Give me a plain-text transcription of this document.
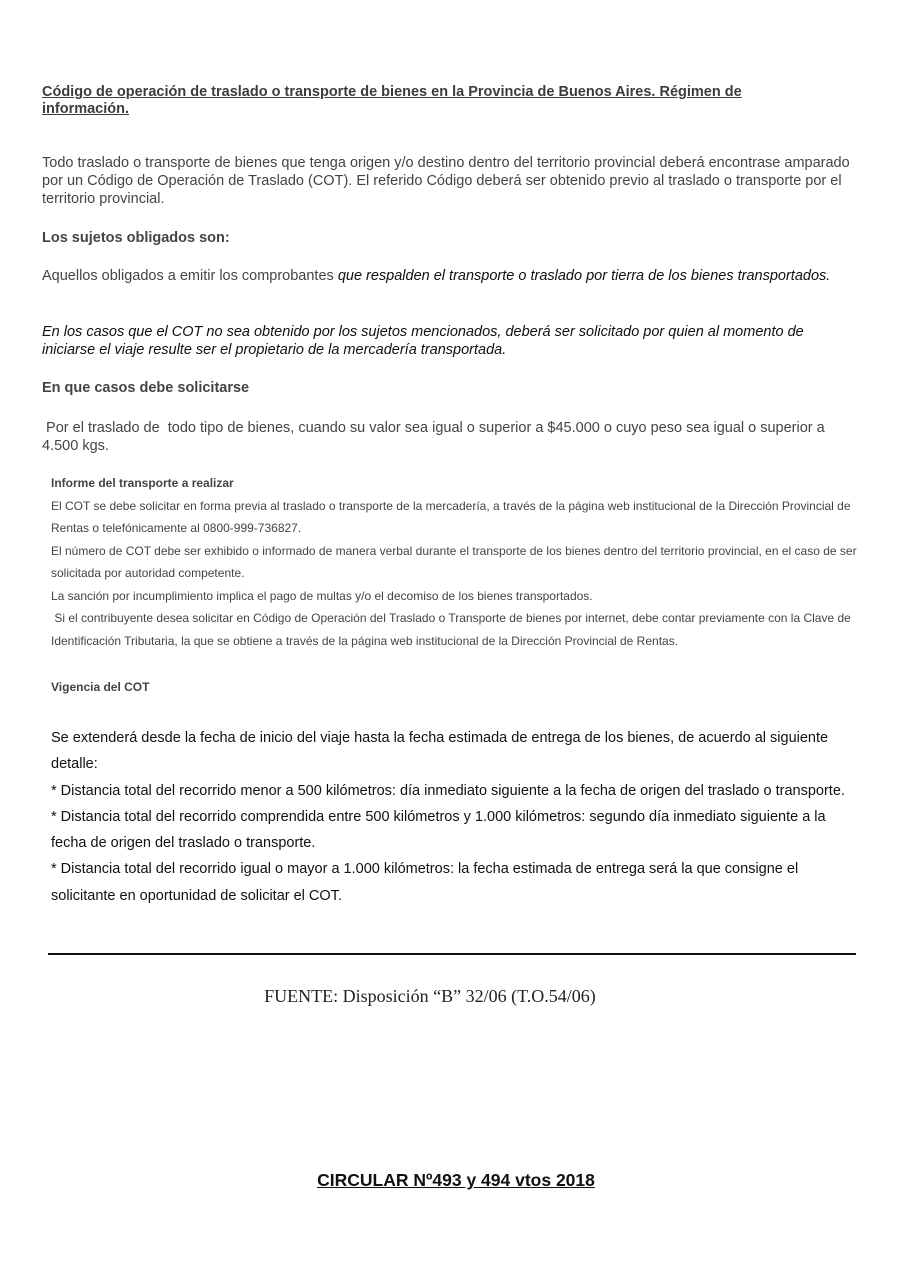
Código de operación de traslado o transporte de bienes en la Provincia de Buenos Aires. Régimen de información.
Todo traslado o transporte de bienes que tenga origen y/o destino dentro del territorio provincial deberá encontrase amparado por un Código de Operación de Traslado (COT). El referido Código deberá ser obtenido previo al traslado o transporte por el territorio provincial.
Los sujetos obligados son:
Aquellos obligados a emitir los comprobantes que respalden el transporte o traslado por tierra de los bienes transportados.
En los casos que el COT no sea obtenido por los sujetos mencionados, deberá ser solicitado por quien al momento de iniciarse el viaje resulte ser el propietario de la mercadería transportada.
En que casos debe solicitarse
Por el traslado de  todo tipo de bienes, cuando su valor sea igual o superior a $45.000 o cuyo peso sea igual o superior a 4.500 kgs.
Informe del transporte a realizar
El COT se debe solicitar en forma previa al traslado o transporte de la mercadería, a través de la página web institucional de la Dirección Provincial de Rentas o telefónicamente al 0800-999-736827.
El número de COT debe ser exhibido o informado de manera verbal durante el transporte de los bienes dentro del territorio provincial, en el caso de ser solicitada por autoridad competente.
La sanción por incumplimiento implica el pago de multas y/o el decomiso de los bienes transportados.
Si el contribuyente desea solicitar en Código de Operación del Traslado o Transporte de bienes por internet, debe contar previamente con la Clave de Identificación Tributaria, la que se obtiene a través de la página web institucional de la Dirección Provincial de Rentas.
Vigencia del COT
Se extenderá desde la fecha de inicio del viaje hasta la fecha estimada de entrega de los bienes, de acuerdo al siguiente detalle:
* Distancia total del recorrido menor a 500 kilómetros: día inmediato siguiente a la fecha de origen del traslado o transporte.
* Distancia total del recorrido comprendida entre 500 kilómetros y 1.000 kilómetros: segundo día inmediato siguiente a la fecha de origen del traslado o transporte.
* Distancia total del recorrido igual o mayor a 1.000 kilómetros: la fecha estimada de entrega será la que consigne el solicitante en oportunidad de solicitar el COT.
FUENTE: Disposición “B” 32/06 (T.O.54/06)
CIRCULAR Nº493 y 494 vtos 2018
